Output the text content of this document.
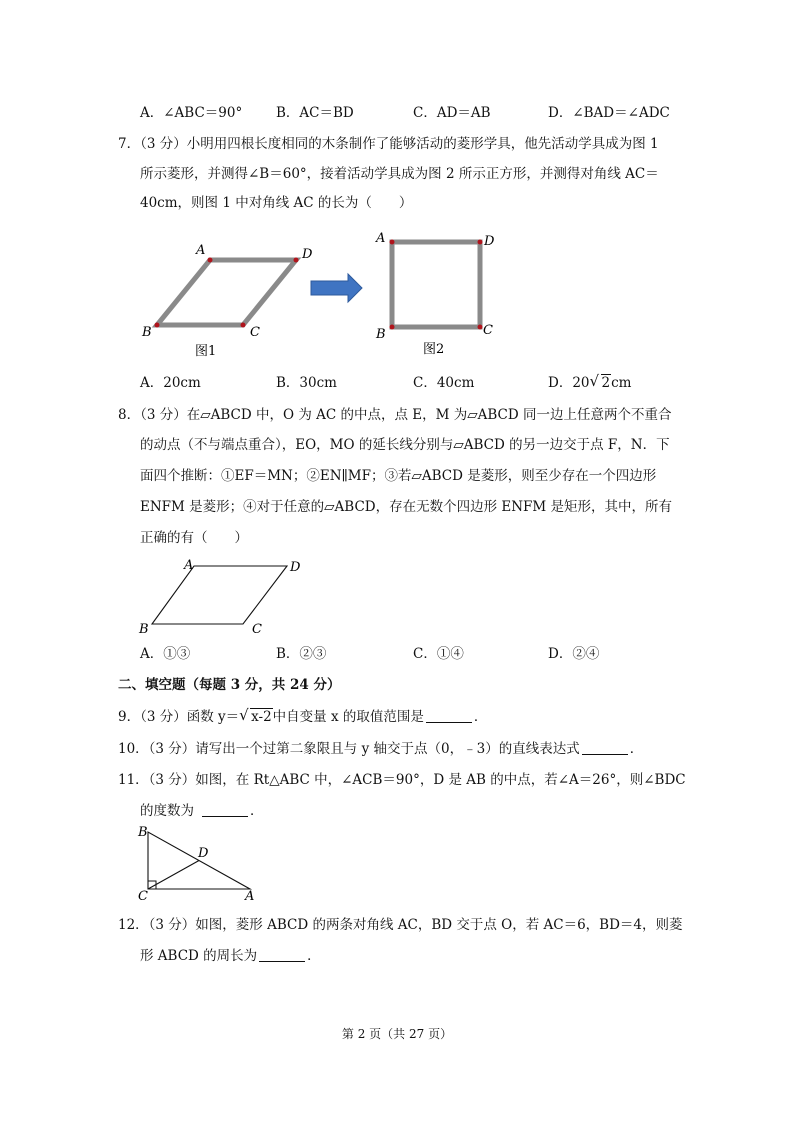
A．∠ABC＝90°	B．AC＝BD	C．AD＝AB	D．∠BAD＝∠ADC
7．（3 分）小明用四根长度相同的木条制作了能够活动的菱形学具，他先活动学具成为图 1
所示菱形，并测得∠B＝60°，接着活动学具成为图 2 所示正方形，并测得对角线 AC＝
40cm，则图 1 中对角线 AC 的长为（　　）
A	D
B	C
图1
A	D
B	C
图2
A．20cm	B．30cm	C．40cm	D．20 √ 2cm
8．（3 分）在▱ABCD 中，O 为 AC 的中点，点 E，M 为▱ABCD 同一边上任意两个不重合
的动点（不与端点重合），EO，MO 的延长线分别与▱ABCD 的另一边交于点 F，N．下
面四个推断：①EF＝MN；②EN∥MF；③若▱ABCD 是菱形，则至少存在一个四边形
ENFM 是菱形；④对于任意的▱ABCD，存在无数个四边形 ENFM 是矩形，其中，所有
正确的有（　　）
A	D
B	C
A．①③	B．②③	C．①④	D．②④
二、填空题（每题 3 分，共 24 分）
9．（3 分）函数 y＝ √ x-2中自变量 x 的取值范围是	．
10．（3 分）请写出一个过第二象限且与 y 轴交于点（0，﹣3）的直线表达式	．
11．（3 分）如图，在 Rt△ABC 中，∠ACB＝90°，D 是 AB 的中点，若∠A＝26°，则∠BDC
的度数为	．
B
D
C	A
12．（3 分）如图，菱形 ABCD 的两条对角线 AC，BD 交于点 O，若 AC＝6，BD＝4，则菱
形 ABCD 的周长为	．
第 2 页（共 27 页）
